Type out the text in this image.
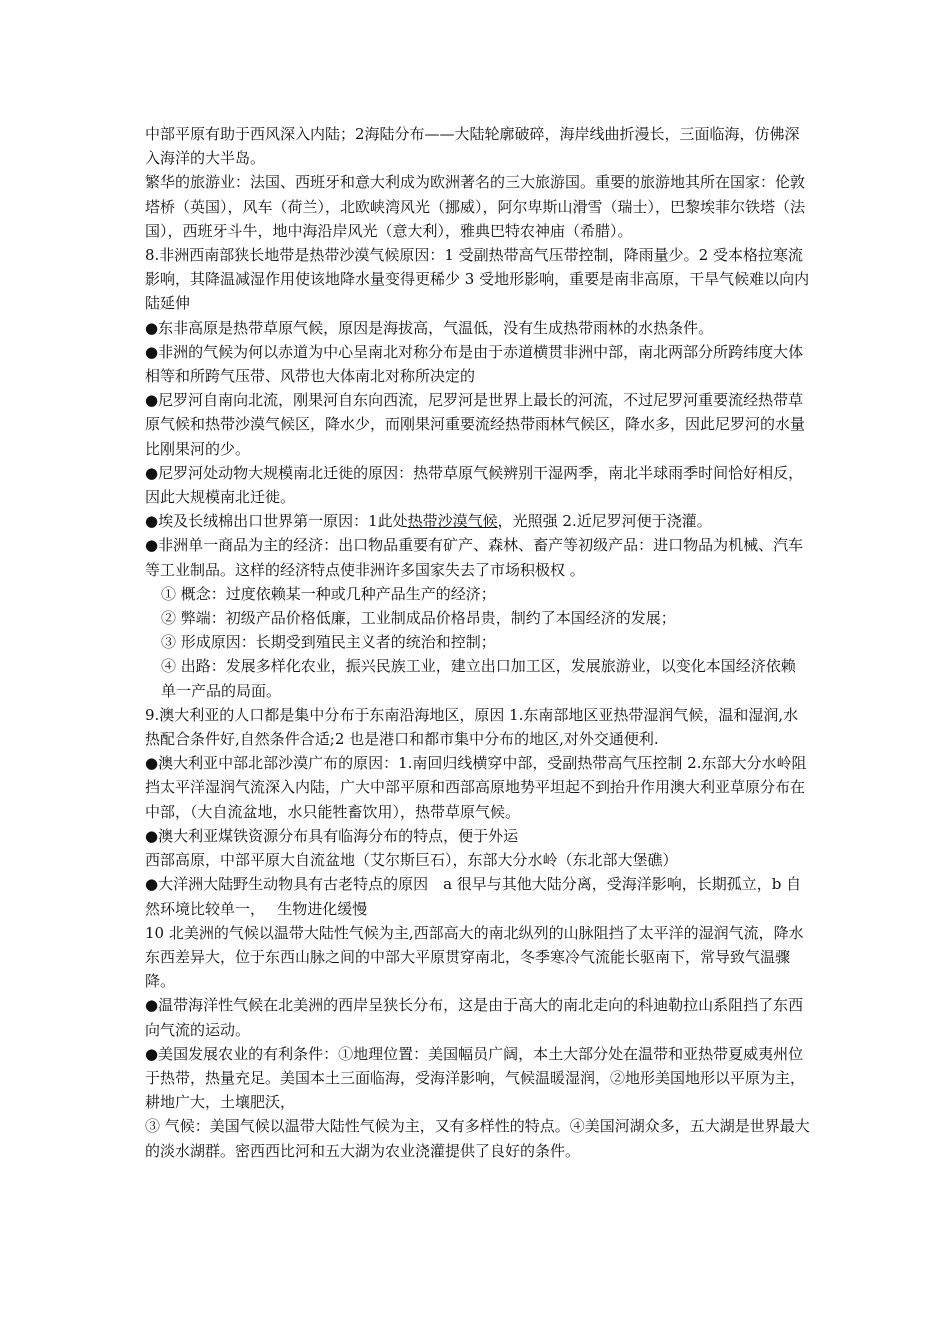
中部平原有助于西风深入内陆；2海陆分布——大陆轮廓破碎，海岸线曲折漫长，三面临海，仿佛深入海洋的大半岛。

繁华的旅游业：法国、西班牙和意大利成为欧洲著名的三大旅游国。重要的旅游地其所在国家：伦敦塔桥（英国），风车（荷兰），北欧峡湾风光（挪威），阿尔卑斯山滑雪（瑞士），巴黎埃菲尔铁塔（法国），西班牙斗牛，地中海沿岸风光（意大利），雅典巴特农神庙（希腊）。

8.非洲西南部狭长地带是热带沙漠气候原因：1 受副热带高气压带控制，降雨量少。2 受本格拉寒流影响，其降温减湿作用使该地降水量变得更稀少 3 受地形影响，重要是南非高原，干旱气候难以向内陆延伸

●东非高原是热带草原气候，原因是海拔高，气温低，没有生成热带雨林的水热条件。

●非洲的气候为何以赤道为中心呈南北对称分布是由于赤道横贯非洲中部，南北两部分所跨纬度大体相等和所跨气压带、风带也大体南北对称所决定的

●尼罗河自南向北流，刚果河自东向西流，尼罗河是世界上最长的河流，不过尼罗河重要流经热带草原气候和热带沙漠气候区，降水少，而刚果河重要流经热带雨林气候区，降水多，因此尼罗河的水量比刚果河的少。

●尼罗河处动物大规模南北迁徙的原因：热带草原气候辨别干湿两季，南北半球雨季时间恰好相反，因此大规模南北迁徙。

●埃及长绒棉出口世界第一原因：1此处热带沙漠气候，光照强 2.近尼罗河便于浇灌。

●非洲单一商品为主的经济：出口物品重要有矿产、森林、畜产等初级产品：进口物品为机械、汽车等工业制品。这样的经济特点使非洲许多国家失去了市场积极权 。

① 概念：过度依赖某一种或几种产品生产的经济；

② 弊端：初级产品价格低廉，工业制成品价格昂贵，制约了本国经济的发展；

③ 形成原因：长期受到殖民主义者的统治和控制；

④ 出路：发展多样化农业，振兴民族工业，建立出口加工区，发展旅游业，以变化本国经济依赖单一产品的局面。

9.澳大利亚的人口都是集中分布于东南沿海地区，原因 1.东南部地区亚热带湿润气候，温和湿润,水热配合条件好,自然条件合适;2 也是港口和都市集中分布的地区,对外交通便利.

●澳大利亚中部北部沙漠广布的原因：1.南回归线横穿中部，受副热带高气压控制 2.东部大分水岭阻挡太平洋湿润气流深入内陆，广大中部平原和西部高原地势平坦起不到抬升作用澳大利亚草原分布在中部，（大自流盆地，水只能牲畜饮用），热带草原气候。

●澳大利亚煤铁资源分布具有临海分布的特点，便于外运

西部高原，中部平原大自流盆地（艾尔斯巨石），东部大分水岭（东北部大堡礁）

●大洋洲大陆野生动物具有古老特点的原因　a 很早与其他大陆分离，受海洋影响，长期孤立，b 自然环境比较单一，　 生物进化缓慢

10 北美洲的气候以温带大陆性气候为主,西部高大的南北纵列的山脉阻挡了太平洋的湿润气流，降水东西差异大，位于东西山脉之间的中部大平原贯穿南北，冬季寒冷气流能长驱南下，常导致气温骤降。

●温带海洋性气候在北美洲的西岸呈狭长分布，这是由于高大的南北走向的科迪勒拉山系阻挡了东西向气流的运动。

●美国发展农业的有利条件：①地理位置：美国幅员广阔，本土大部分处在温带和亚热带夏威夷州位于热带，热量充足。美国本土三面临海，受海洋影响，气候温暖湿润，②地形美国地形以平原为主，耕地广大，土壤肥沃，

③ 气候：美国气候以温带大陆性气候为主，又有多样性的特点。④美国河湖众多，五大湖是世界最大的淡水湖群。密西西比河和五大湖为农业浇灌提供了良好的条件。
